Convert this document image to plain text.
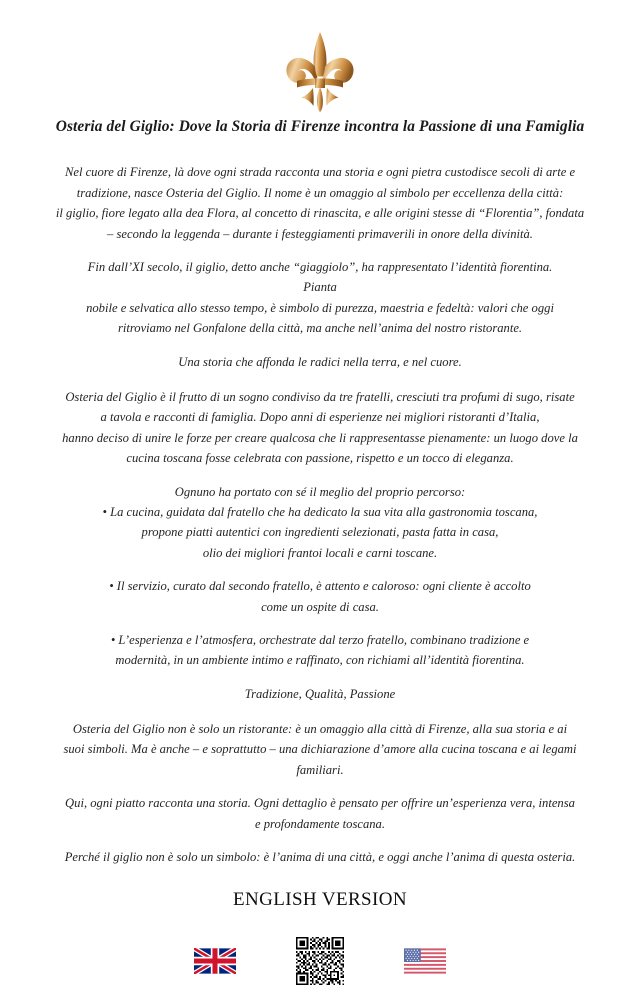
Osteria del Giglio: Dove la Storia di Firenze incontra la Passione di una Famiglia

Nel cuore di Firenze, là dove ogni strada racconta una storia e ogni pietra custodisce secoli di arte e
tradizione, nasce Osteria del Giglio. Il nome è un omaggio al simbolo per eccellenza della città:
il giglio, fiore legato alla dea Flora, al concetto di rinascita, e alle origini stesse di “Florentia”, fondata
– secondo la leggenda – durante i festeggiamenti primaverili in onore della divinità.

Fin dall’XI secolo, il giglio, detto anche “giaggiolo”, ha rappresentato l’identità fiorentina. Pianta
nobile e selvatica allo stesso tempo, è simbolo di purezza, maestria e fedeltà: valori che oggi
ritroviamo nel Gonfalone della città, ma anche nell’anima del nostro ristorante.

Una storia che affonda le radici nella terra, e nel cuore.

Osteria del Giglio è il frutto di un sogno condiviso da tre fratelli, cresciuti tra profumi di sugo, risate
a tavola e racconti di famiglia. Dopo anni di esperienze nei migliori ristoranti d’Italia,
hanno deciso di unire le forze per creare qualcosa che li rappresentasse pienamente: un luogo dove la
cucina toscana fosse celebrata con passione, rispetto e un tocco di eleganza.

Ognuno ha portato con sé il meglio del proprio percorso:
• La cucina, guidata dal fratello che ha dedicato la sua vita alla gastronomia toscana,
propone piatti autentici con ingredienti selezionati, pasta fatta in casa,
olio dei migliori frantoi locali e carni toscane.

• Il servizio, curato dal secondo fratello, è attento e caloroso: ogni cliente è accolto
come un ospite di casa.

• L’esperienza e l’atmosfera, orchestrate dal terzo fratello, combinano tradizione e
modernità, in un ambiente intimo e raffinato, con richiami all’identità fiorentina.

Tradizione, Qualità, Passione

Osteria del Giglio non è solo un ristorante: è un omaggio alla città di Firenze, alla sua storia e ai
suoi simboli. Ma è anche – e soprattutto – una dichiarazione d’amore alla cucina toscana e ai legami
familiari.

Qui, ogni piatto racconta una storia. Ogni dettaglio è pensato per offrire un’esperienza vera, intensa
e profondamente toscana.

Perché il giglio non è solo un simbolo: è l’anima di una città, e oggi anche l’anima di questa osteria.

ENGLISH VERSION
